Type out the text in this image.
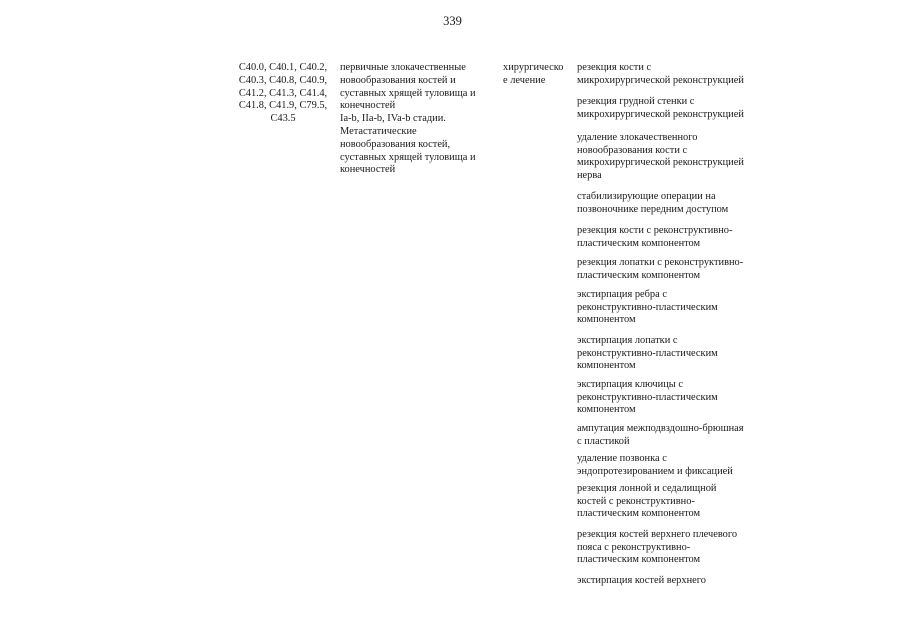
339
C40.0, C40.1, C40.2,
C40.3, C40.8, C40.9,
C41.2, C41.3, C41.4,
C41.8, C41.9, C79.5,
C43.5
первичные злокачественные
новообразования костей и
суставных хрящей туловища и
конечностей
Ia-b, IIa-b, IVa-b стадии.
Метастатические
новообразования костей,
суставных хрящей туловища и
конечностей
хирургическо
е лечение
резекция кости с
микрохирургической реконструкцией
резекция грудной стенки с
микрохирургической реконструкцией
удаление злокачественного
новообразования кости с
микрохирургической реконструкцией
нерва
стабилизирующие операции на
позвоночнике передним доступом
резекция кости с реконструктивно-
пластическим компонентом
резекция лопатки с реконструктивно-
пластическим компонентом
экстирпация ребра с
реконструктивно-пластическим
компонентом
экстирпация лопатки с
реконструктивно-пластическим
компонентом
экстирпация ключицы с
реконструктивно-пластическим
компонентом
ампутация межподвздошно-брюшная
с пластикой
удаление позвонка с
эндопротезированием и фиксацией
резекция лонной и седалищной
костей с реконструктивно-
пластическим компонентом
резекция костей верхнего плечевого
пояса с реконструктивно-
пластическим компонентом
экстирпация костей верхнего
